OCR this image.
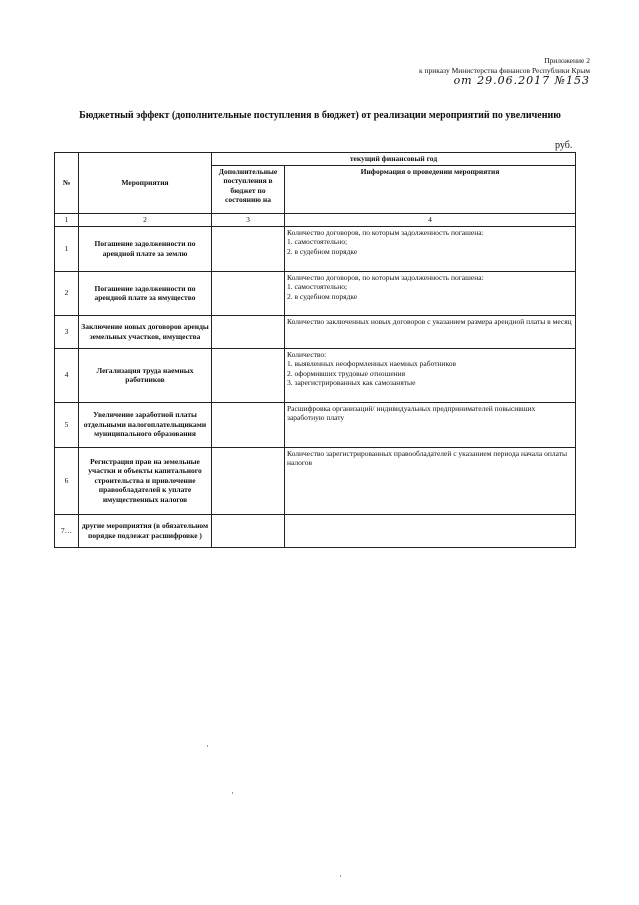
Приложение 2
к приказу Министерства финансов Республики Крым
от 29.06.2017 №153
Бюджетный эффект (дополнительные поступления в бюджет) от реализации мероприятий по увеличению
руб.
№	Мероприятия	текущий финансовый год	
		Дополнительные поступления в бюджет по состоянию на	Информация о проведении мероприятия
1	2	3	4
1	Погашение задолженности по арендной плате за землю		Количество договоров, по которым задолженность погашена:
1. самостоятельно;
2. в судебном порядке

2	Погашение задолженности по арендной плате за имущество		Количество договоров, по которым задолженность погашена:
1. самостоятельно;
2. в судебном порядке

3	Заключение новых договоров аренды земельных участков, имущества		Количество заключенных новых договоров с указанием размера арендной платы в месяц

4	Легализация труда наемных работников		Количество:
1. выявленных неоформленных наемных работников
2. оформивших трудовые отношения
3. зарегистрированных как самозанятые

5	Увеличение заработной платы отдельными налогоплательщиками муниципального образования		Расшифровка организаций/ индивидуальных предпринимателей повысивших заработную плату

6	Регистрация прав на земельные участки и объекты капитального строительства и привлечение правообладателей к уплате имущественных налогов		Количество зарегистрированных правообладателей с указанием периода начала оплаты налогов

7…	другие мероприятия (в обязательном порядке подлежат расшифровке )		
